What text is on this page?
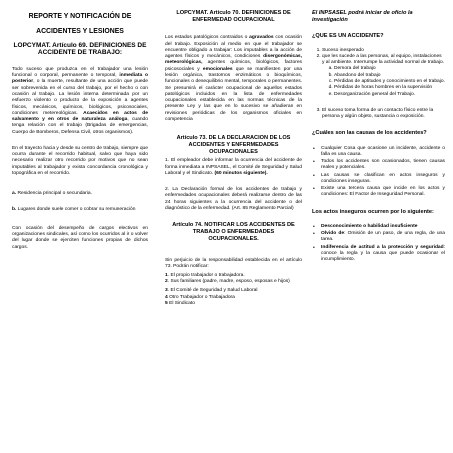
REPORTE Y NOTIFICACIÓN DE ACCIDENTES Y LESIONES
LOPCYMAT. Artículo 69. DEFINICIONES DE ACCIDENTE DE TRABAJO:

Todo suceso que produzca en el trabajador una lesión funcional o corporal, permanente o temporal, inmediata o posterior, o la muerte, resultante de una acción que puede ser sobrevenida en el curso del trabajo, por el hecho o con ocasión al trabajo. La lesión interna determinada por un esfuerzo violento o producto de la exposición a agentes físicos, mecánicos, químicos, biológicos, psicosociales, condiciones metereológicas. Acaecidos en actos de salvamento y en otros de naturaleza análoga, cuando tenga relación con el trabajo (Brigadas de emergencias, Cuerpo de Bomberos, Defensa Civil, otros organismos).

En el trayecto hacia y desde su centro de trabajo, siempre que ocurra durante el recorrido habitual, salvo que haya sido necesario realizar otro recorrido por motivos que no sean imputables al trabajador y exista concordancia cronológica y topográfica en el recorrido.

a. Residencia principal o secundaria.

b. Lugares donde suele comer o cobrar su remuneración

Con ocasión del desempeño de cargos electivos en organizaciones sindicales, así como los ocurridos al ir o volver del lugar donde se ejerciten funciones propias de dichos cargos.

LOPCYMAT. Artículo 70. DEFINICIONES DE ENFERMEDAD OCUPACIONAL

Los estados patológicos contraidos o agravados con ocasión del trabajo. Exposición al medio en que el trabajador se encuentre obligado a trabajar: Los imputables a la acción de agentes físicos y mecánicos, condiciones disergonómicas, meteorológicas, agentes químicos, biológicos, factores psicosociales y emocionales que se manifiesten por una lesión orgánica, trastornos enzimáticos o bioquímicos, funcionales o desequilibrio mental, temporales o permanentes. Se presumirá el carácter ocupacional de aquellos estados patológicos incluidos en la lista de enfermedades ocupacionales establecida en las normas técnicas de la presente Ley y las que en lo sucesivo se añadieran en revisiones periódicas de los organismos oficiales en competencia

Artículo 73. DE LA DECLARACION DE LOS ACCIDENTES Y ENFERMEDADES OCUPACIONALES

1. El empleador debe informar la ocurrencia del accidente de forma inmediata a INPSASEL, el Comité de Seguridad y Salud Laboral y el Sindicato. (60 minutos siguiente).

2. La Declaración formal de los accidentes de trabajo y enfermedades ocupacionales deberá realizarse dentro de las 24 horas siguientes a la ocurrencia del accidente o del diagnóstico de la enfermedad. (Art. 85 Reglamento Parcial)

Artículo 74. NOTIFICAR LOS ACCIDENTES DE TRABAJO O ENFERMEDADES OCUPACIONALES.

Sin perjuicio de la responsabilidad establecida en el artículo 73. Podrán notificar:

1. El propio trabajador o trabajadora.
2. Sus familiares (padre, madre, esposo, esposas e hijos)
3. El Comité de Seguridad y Salud Laboral
4 Otro Trabajador o Trabajadora
5 El Sindicato
El INPSASEL podrá iniciar de oficio la investigación
¿QUE ES UN ACCIDENTE?
1. Suceso inesperado
2. que les sucede a las personas, al equipo, instalaciones y al ambiente. Interrumpe la actividad normal de trabajo.
a. Demora del trabajo
b. Abandono del trabajo
c. Pérdidas de aptitudes y conocimiento en el trabajo.
d. Pérdidas de horas hombres en la supervisión
e. Desorganización general del Trabajo.
3. El suceso toma forma de un contacto físico entre la persona y algún objeto, sustancia o exposición.
¿Cuáles son las causas de los accidentes?
• Cualquier Cosa que ocasione un incidente, accidente o falla es una causa.
• Todos los accidentes son ocasionados, tienen causas reales y potenciales.
• Las causas se clasifican en actos inseguros y condiciones inseguras.
• Existe una tercera causa que incide en los actos y condiciones: El Factor de Inseguridad Personal.
Los actos inseguros ocurren por lo siguiente:
• Desconocimiento o habilidad insuficiente
• Olvido de: Omisión de un paso, de una regla, de una tarea.
• Indiferencia de actitud a la protección y seguridad: conoce la regla y la causa que puede ocasionar el incumplimiento.
